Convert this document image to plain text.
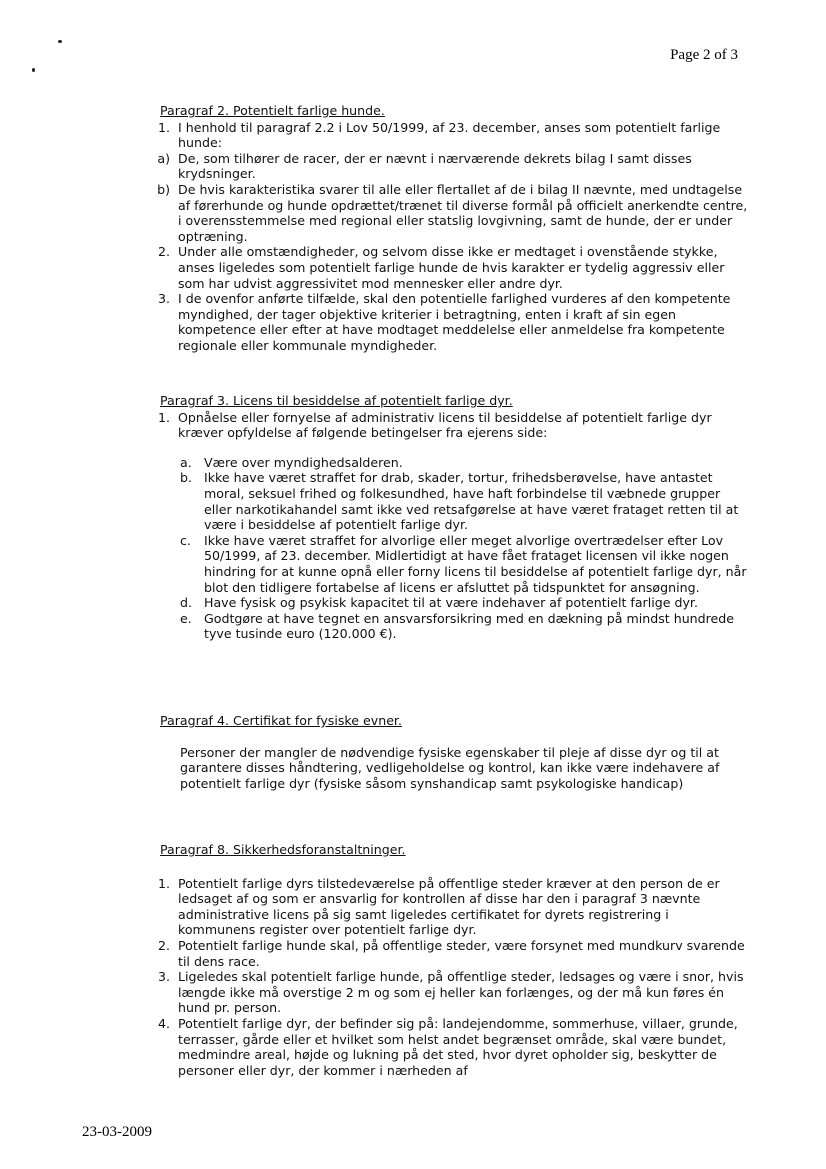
Page 2 of 3
Paragraf 2. Potentielt farlige hunde.
1. I henhold til paragraf 2.2 i Lov 50/1999, af 23. december, anses som potentielt farlige hunde:
a) De, som tilhører de racer, der er nævnt i nærværende dekrets bilag I samt disses krydsninger.
b) De hvis karakteristika svarer til alle eller flertallet af de i bilag II nævnte, med undtagelse af førerhunde og hunde opdrættet/trænet til diverse formål på officielt anerkendte centre, i overensstemmelse med regional eller statslig lovgivning, samt de hunde, der er under optræning.
2. Under alle omstændigheder, og selvom disse ikke er medtaget i ovenstående stykke, anses ligeledes som potentielt farlige hunde de hvis karakter er tydelig aggressiv eller som har udvist aggressivitet mod mennesker eller andre dyr.
3. I de ovenfor anførte tilfælde, skal den potentielle farlighed vurderes af den kompetente myndighed, der tager objektive kriterier i betragtning, enten i kraft af sin egen kompetence eller efter at have modtaget meddelelse eller anmeldelse fra kompetente regionale eller kommunale myndigheder.
Paragraf 3. Licens til besiddelse af potentielt farlige dyr.
1. Opnåelse eller fornyelse af administrativ licens til besiddelse af potentielt farlige dyr kræver opfyldelse af følgende betingelser fra ejerens side:
a. Være over myndighedsalderen.
b. Ikke have været straffet for drab, skader, tortur, frihedsberøvelse, have antastet moral, seksuel frihed og folkesundhed, have haft forbindelse til væbnede grupper eller narkotikahandel samt ikke ved retsafgørelse at have været frataget retten til at være i besiddelse af potentielt farlige dyr.
c.	Ikke have været straffet for alvorlige eller meget alvorlige overtrædelser efter Lov 50/1999, af 23. december. Midlertidigt at have fået frataget licensen vil ikke nogen hindring for at kunne opnå eller forny licens til besiddelse af potentielt farlige dyr, når blot den tidligere fortabelse af licens er afsluttet på tidspunktet for ansøgning.
d. Have fysisk og psykisk kapacitet til at være indehaver af potentielt farlige dyr.
e. Godtgøre at have tegnet en ansvarsforsikring med en dækning på mindst hundrede tyve tusinde euro (120.000 €).
Paragraf 4. Certifikat for fysiske evner.

Personer der mangler de nødvendige fysiske egenskaber til pleje af disse dyr og til at garantere disses håndtering, vedligeholdelse og kontrol, kan ikke være indehavere af potentielt farlige dyr (fysiske såsom synshandicap samt psykologiske handicap)

Paragraf 8. Sikkerhedsforanstaltninger.
1. Potentielt farlige dyrs tilstedeværelse på offentlige steder kræver at den person de er ledsaget af og som er ansvarlig for kontrollen af disse har den i paragraf 3 nævnte administrative licens på sig samt ligeledes certifikatet for dyrets registrering i kommunens register over potentielt farlige dyr.
2. Potentielt farlige hunde skal, på offentlige steder, være forsynet med mundkurv svarende til dens race.
3. Ligeledes skal potentielt farlige hunde, på offentlige steder, ledsages og være i snor, hvis længde ikke må overstige 2 m og som ej heller kan forlænges, og der må kun føres én hund pr. person.
4. Potentielt farlige dyr, der befinder sig på: landejendomme, sommerhuse, villaer, grunde, terrasser, gårde eller et hvilket som helst andet begrænset område, skal være bundet, medmindre areal, højde og lukning på det sted, hvor dyret opholder sig, beskytter de personer eller dyr, der kommer i nærheden af
23-03-2009
